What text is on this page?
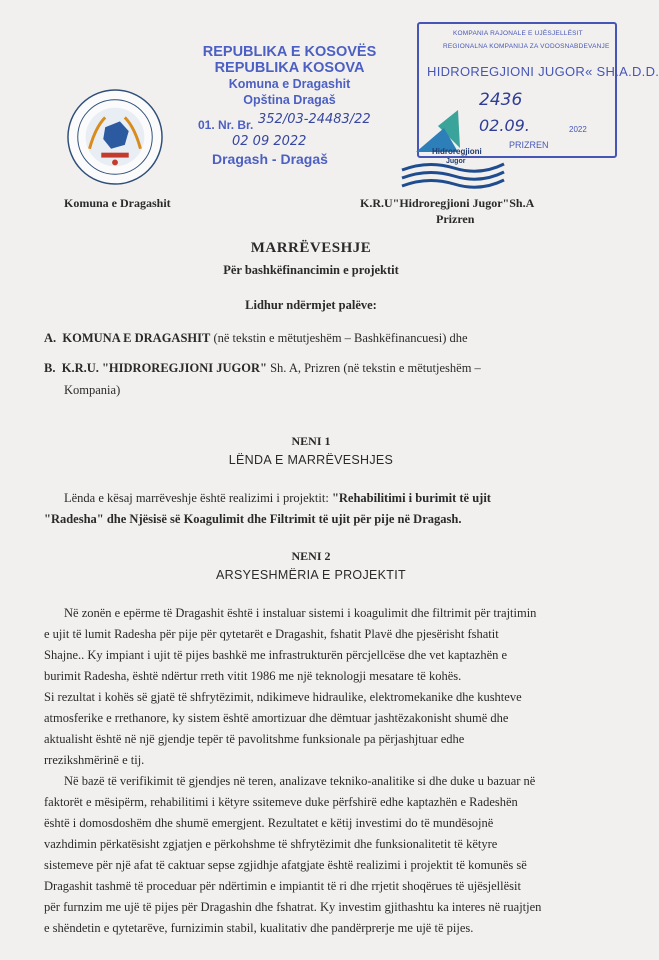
REPUBLIKA E KOSOVËS
REPUBLIKA KOSOVA
Komuna e Dragashit
Opština Dragaš
01. Nr. Br. 352/03-24483/22
02 09 2022
Dragash - Dragaš
KOMPANIA RAJONALE E UJËSJELLËSIT
REGIONALNA KOMPANIJA ZA VODOSNABDEVANJE
HIDROREGJIONI JUGOR« SH.A.D.D.
2436
02.09.	2022
PRIZREN
Hidroregjioni
Jugor
Komuna e Dragashit	K.R.U"Hidroregjioni Jugor"Sh.A
Prizren
MARRËVESHJE
Për bashkëfinancimin e projektit
Lidhur ndërmjet palëve:
A. KOMUNA E DRAGASHIT (në tekstin e mëtutjeshëm – Bashkëfinancuesi) dhe
B. K.R.U. "HIDROREGJIONI JUGOR" Sh. A, Prizren (në tekstin e mëtutjeshëm –
Kompania)
NENI 1
LËNDA E MARRËVESHJES
Lënda e kësaj marrëveshje është realizimi i projektit: "Rehabilitimi i burimit të ujit
"Radesha" dhe Njësisë së Koagulimit dhe Filtrimit të ujit për pije në Dragash.
NENI 2
ARSYESHMËRIA E PROJEKTIT
Në zonën e epërme të Dragashit është i instaluar sistemi i koagulimit dhe filtrimit për trajtimin
e ujit të lumit Radesha për pije për qytetarët e Dragashit, fshatit Plavë dhe pjesërisht fshatit
Shajne.. Ky impiant i ujit të pijes bashkë me infrastrukturën përcjellcëse dhe vet kaptazhën e
burimit Radesha, është ndërtur rreth vitit 1986 me një teknologji mesatare të kohës.
Si rezultat i kohës së gjatë të shfrytëzimit, ndikimeve hidraulike, elektromekanike dhe kushteve
atmosferike e rrethanore, ky sistem është amortizuar dhe dëmtuar jashtëzakonisht shumë dhe
aktualisht është në një gjendje tepër të pavolitshme funksionale pa përjashjtuar edhe
rrezikshmërinë e tij.
Në bazë të verifikimit të gjendjes në teren, analizave tekniko-analitike si dhe duke u bazuar në
faktorët e mësipërm, rehabilitimi i këtyre ssitemeve duke përfshirë edhe kaptazhën e Radeshën
është i domosdoshëm dhe shumë emergjent. Rezultatet e këtij investimi do të mundësojnë
vazhdimin përkatësisht zgjatjen e përkohshme të shfrytëzimit dhe funksionalitetit të këtyre
sistemeve për një afat të caktuar sepse zgjidhje afatgjate është realizimi i projektit të komunës së
Dragashit tashmë të proceduar për ndërtimin e impiantit të ri dhe rrjetit shoqërues të ujësjellësit
për furnzim me ujë të pijes për Dragashin dhe fshatrat. Ky investim gjithashtu ka interes në ruajtjen
e shëndetin e qytetarëve, furnizimin stabil, kualitativ dhe pandërprerje me ujë të pijes.
